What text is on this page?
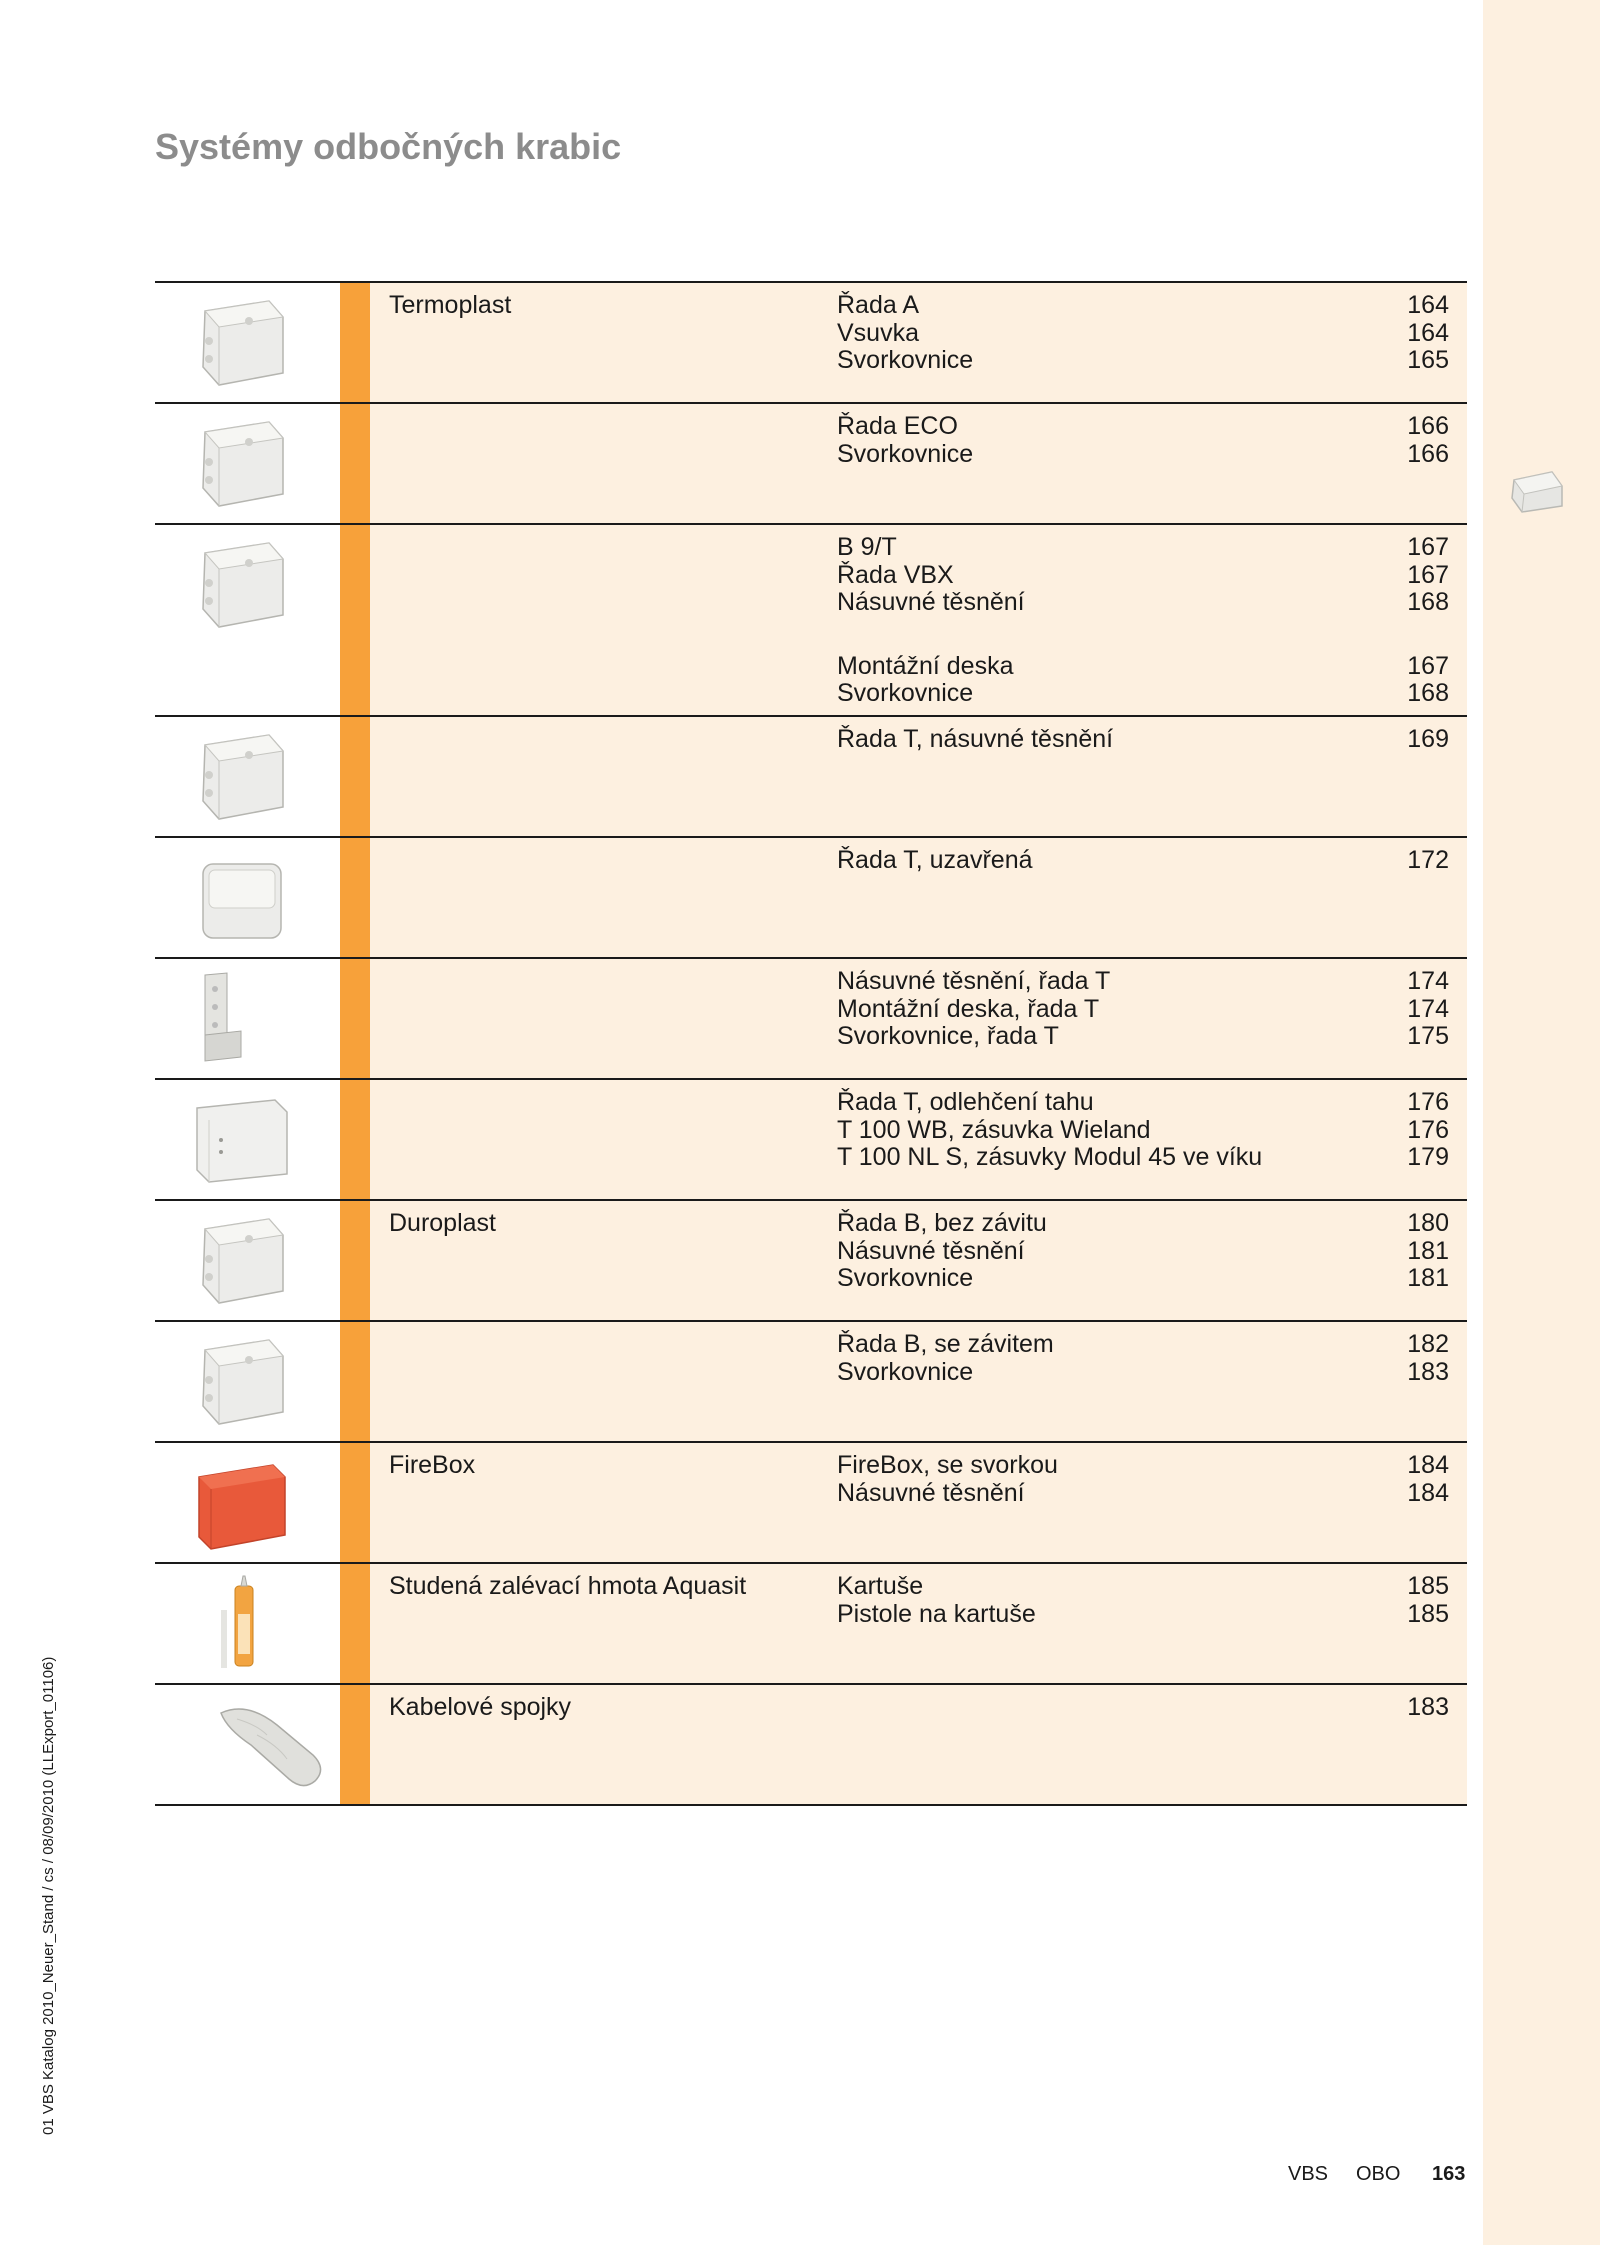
Systémy odbočných krabic
Termoplast	Řada A	164
Vsuvka	164
Svorkovnice	165
Řada ECO	166
Svorkovnice	166
B 9/T	167
Řada VBX	167
Násuvné těsnění	168
Montážní deska	167
Svorkovnice	168
Řada T, násuvné těsnění	169
Řada T, uzavřená	172
Násuvné těsnění, řada T	174
Montážní deska, řada T	174
Svorkovnice, řada T	175
Řada T, odlehčení tahu	176
T 100 WB, zásuvka Wieland	176
T 100 NL S, zásuvky Modul 45 ve víku	179
Duroplast	Řada B, bez závitu	180
Násuvné těsnění	181
Svorkovnice	181
Řada B, se závitem	182
Svorkovnice	183
FireBox	FireBox, se svorkou	184
Násuvné těsnění	184
Studená zalévací hmota Aquasit	Kartuše	185
Pistole na kartuše	185
Kabelové spojky	183
01 VBS Katalog 2010_Neuer_Stand / cs / 08/09/2010 (LLExport_01106)
VBS OBO 163
